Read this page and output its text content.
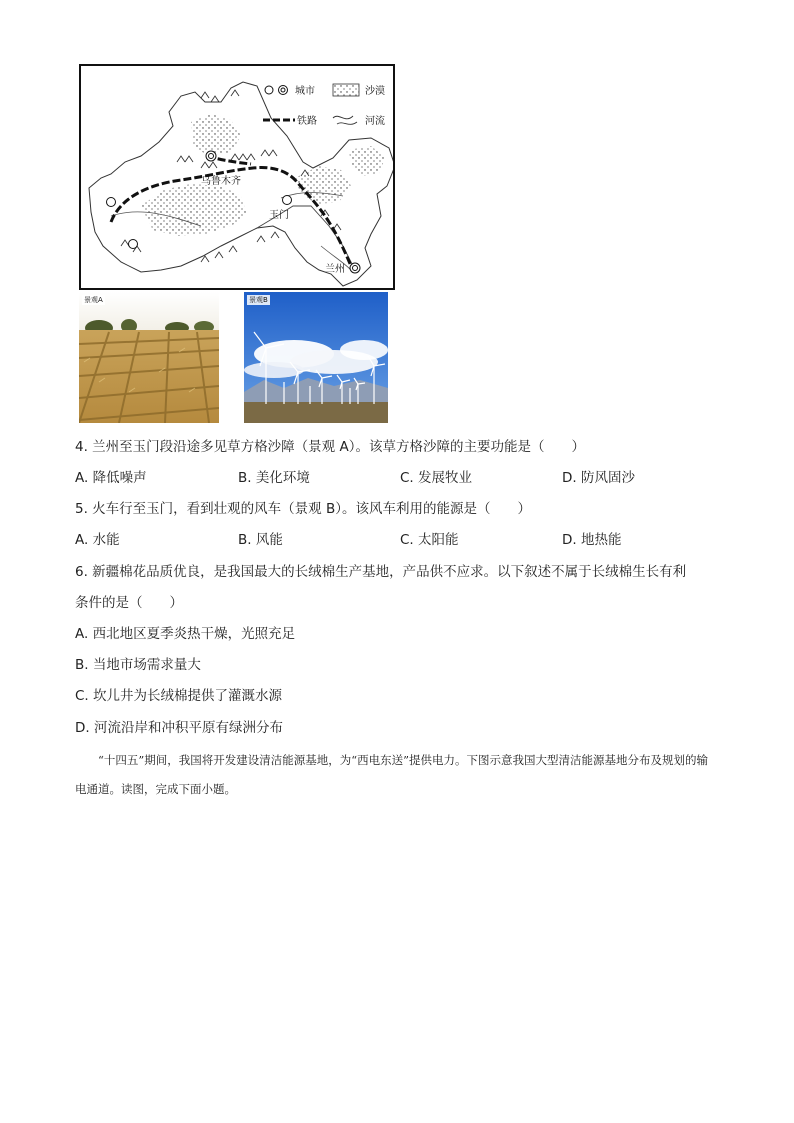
乌鲁木齐
玉门
兰州
城市	沙漠
铁路	河流
景观A	景观B
4. 兰州至玉门段沿途多见草方格沙障（景观 A）。该草方格沙障的主要功能是（　　）
A. 降低噪声	B. 美化环境	C. 发展牧业	D. 防风固沙
5. 火车行至玉门，看到壮观的风车（景观 B）。该风车利用的能源是（　　）
A. 水能	B. 风能	C. 太阳能	D. 地热能
6. 新疆棉花品质优良，是我国最大的长绒棉生产基地，产品供不应求。以下叙述不属于长绒棉生长有利
条件的是（　　）
A. 西北地区夏季炎热干燥，光照充足
B. 当地市场需求量大
C. 坎儿井为长绒棉提供了灌溉水源
D. 河流沿岸和冲积平原有绿洲分布
“十四五”期间，我国将开发建设清洁能源基地，为“西电东送”提供电力。下图示意我国大型清洁能源基地分布及规划的输电通道。读图，完成下面小题。
